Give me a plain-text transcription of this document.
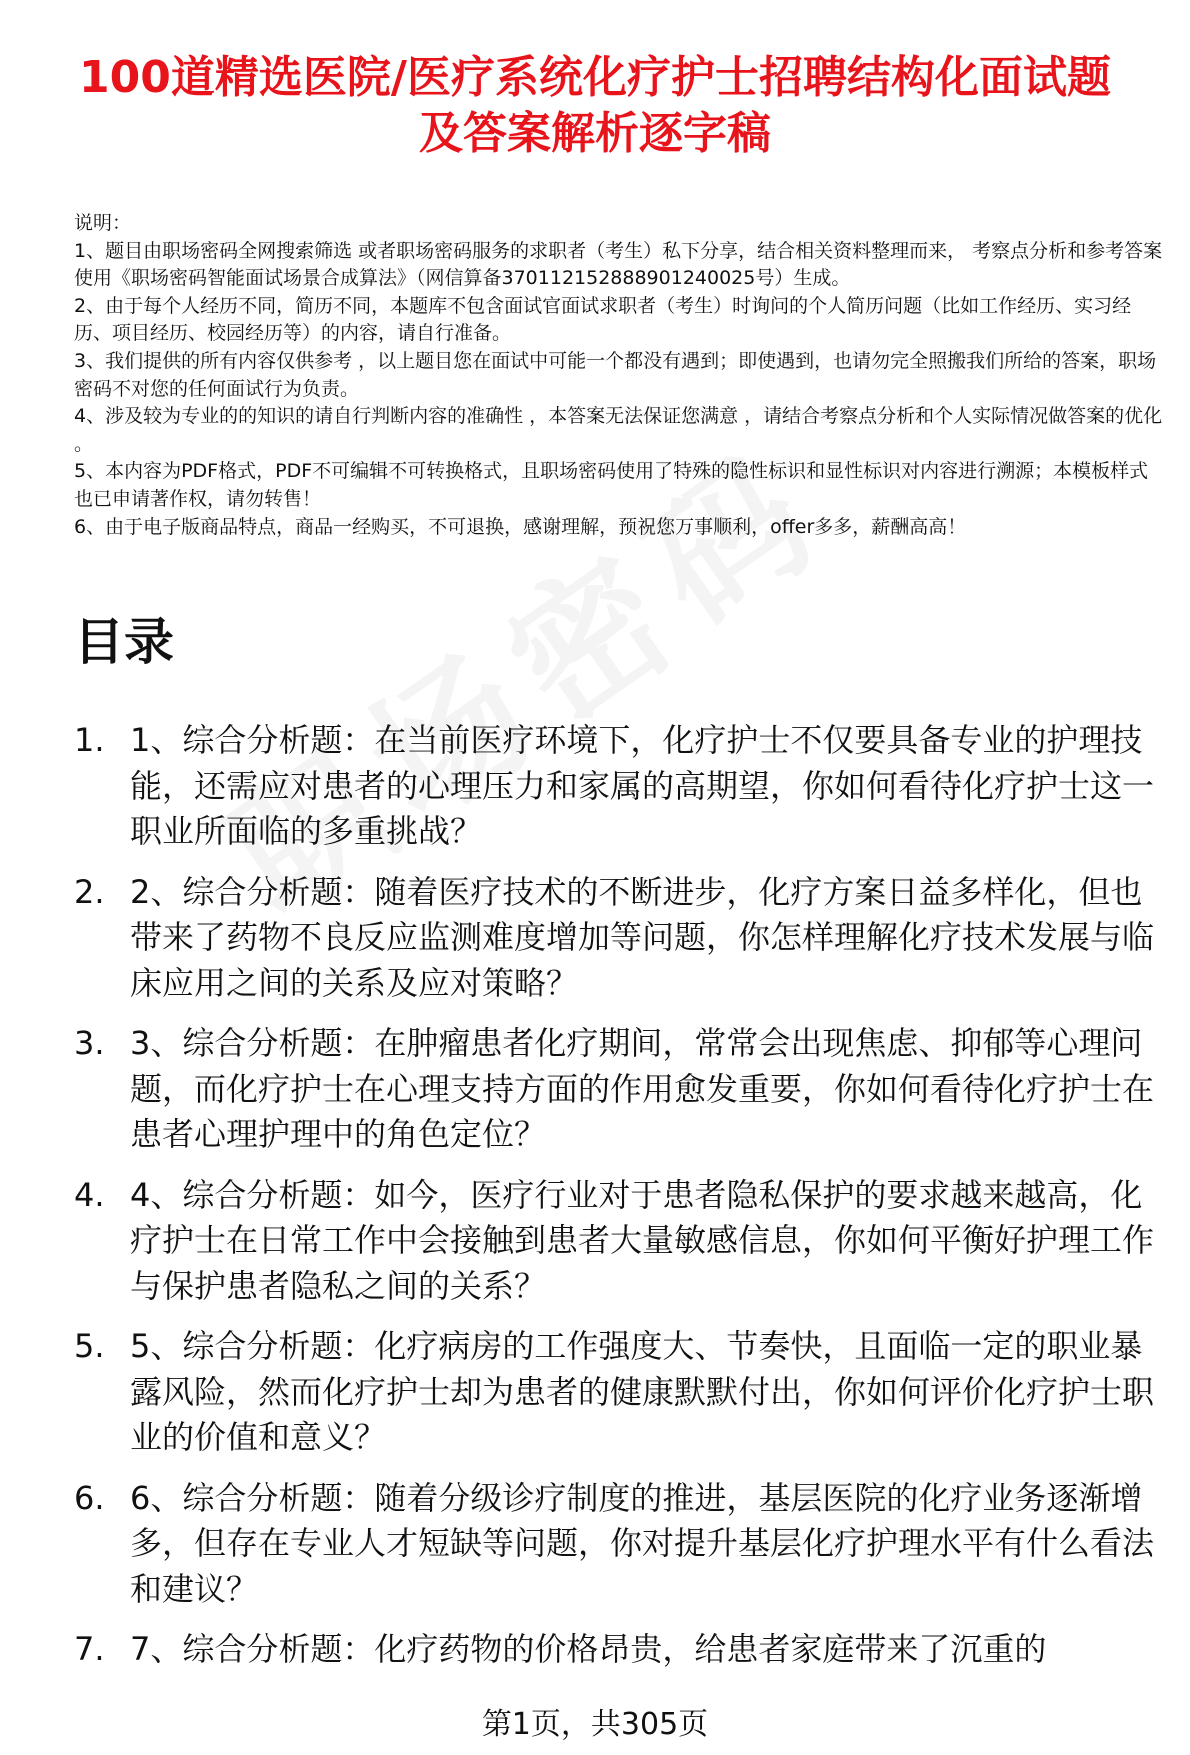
100道精选医院/医疗系统化疗护士招聘结构化面试题及答案解析逐字稿

说明：

1、题目由职场密码全网搜索筛选 或者职场密码服务的求职者（考生）私下分享，结合相关资料整理而来， 考察点分析和参考答案使用《职场密码智能面试场景合成算法》（网信算备370112152888901240025号）生成。

2、由于每个人经历不同，简历不同，本题库不包含面试官面试求职者（考生）时询问的个人简历问题（比如工作经历、实习经历、项目经历、校园经历等）的内容，请自行准备。

3、我们提供的所有内容仅供参考 ，以上题目您在面试中可能一个都没有遇到；即使遇到，也请勿完全照搬我们所给的答案，职场密码不对您的任何面试行为负责。

4、涉及较为专业的的知识的请自行判断内容的准确性 ，本答案无法保证您满意 ，请结合考察点分析和个人实际情况做答案的优化 。

5、本内容为PDF格式，PDF不可编辑不可转换格式，且职场密码使用了特殊的隐性标识和显性标识对内容进行溯源；本模板样式也已申请著作权，请勿转售！

6、由于电子版商品特点，商品一经购买，不可退换，感谢理解，预祝您万事顺利，offer多多，薪酬高高！

目录
1. 1、综合分析题：在当前医疗环境下，化疗护士不仅要具备专业的护理技能，还需应对患者的心理压力和家属的高期望，你如何看待化疗护士这一职业所面临的多重挑战？
2. 2、综合分析题：随着医疗技术的不断进步，化疗方案日益多样化，但也带来了药物不良反应监测难度增加等问题，你怎样理解化疗技术发展与临床应用之间的关系及应对策略？
3. 3、综合分析题：在肿瘤患者化疗期间，常常会出现焦虑、抑郁等心理问题，而化疗护士在心理支持方面的作用愈发重要，你如何看待化疗护士在患者心理护理中的角色定位？
4. 4、综合分析题：如今，医疗行业对于患者隐私保护的要求越来越高，化疗护士在日常工作中会接触到患者大量敏感信息，你如何平衡好护理工作与保护患者隐私之间的关系？
5. 5、综合分析题：化疗病房的工作强度大、节奏快，且面临一定的职业暴露风险，然而化疗护士却为患者的健康默默付出，你如何评价化疗护士职业的价值和意义？
6. 6、综合分析题：随着分级诊疗制度的推进，基层医院的化疗业务逐渐增多，但存在专业人才短缺等问题，你对提升基层化疗护理水平有什么看法和建议？
7. 7、综合分析题：化疗药物的价格昂贵，给患者家庭带来了沉重的
第1页，共305页
